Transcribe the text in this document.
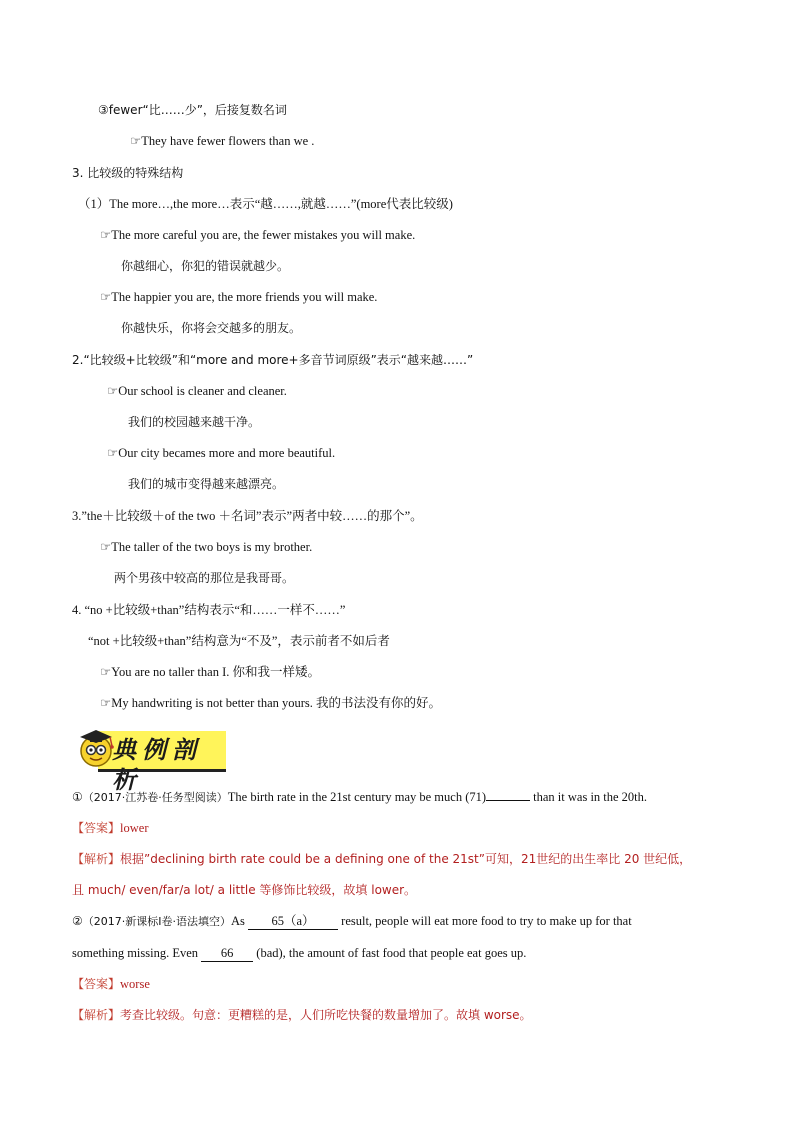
③fewer“比……少”，后接复数名词
☞They have fewer flowers than we .
3. 比较级的特殊结构
（1）The more…,the more…表示“越……,就越……”(more代表比较级)
☞The more careful you are, the fewer mistakes you will make.
你越细心，你犯的错误就越少。
☞The happier you are, the more friends you will make.
你越快乐，你将会交越多的朋友。
2.“比较级+比较级”和“more and more+多音节词原级”表示“越来越……”
☞Our school is cleaner and cleaner.
我们的校园越来越干净。
☞Our city becames more and more beautiful.
我们的城市变得越来越漂亮。
3.”the＋比较级＋of the two ＋名词”表示”两者中较……的那个”。
☞The taller of the two boys is my brother.
两个男孩中较高的那位是我哥哥。
4. “no +比较级+than”结构表示“和……一样不……”
“not +比较级+than”结构意为“不及”，表示前者不如后者
☞You are no taller than I. 你和我一样矮。
☞My handwriting is not better than yours. 我的书法没有你的好。
典例剖析
①（2017·江苏卷·任务型阅读）The birth rate in the 21st century may be much (71)	than it was in the 20th.
【答案】lower
【解析】根据”declining birth rate could be a defining one of the 21st”可知，21世纪的出生率比 20 世纪低，
且 much/ even/far/a lot/ a little 等修饰比较级，故填 lower。
②（2017·新课标Ⅰ卷·语法填空）As 65（a） result, people will eat more food to try to make up for that
something missing. Even 66 (bad), the amount of fast food that people eat goes up.
【答案】worse
【解析】考查比较级。句意：更糟糕的是，人们所吃快餐的数量增加了。故填 worse。
